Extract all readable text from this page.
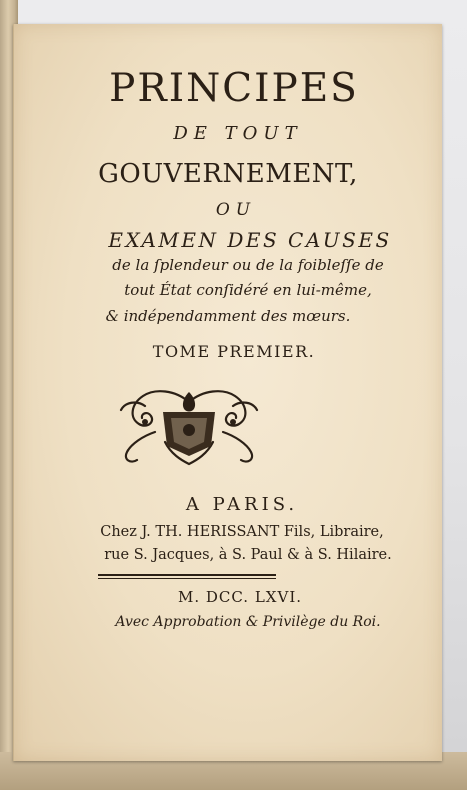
PRINCIPES
DE TOUT
GOUVERNEMENT,
OU
EXAMEN DES CAUSES
de la ſplendeur ou de la foibleſſe de
tout État conſidéré en lui-même,
& indépendamment des mœurs.
TOME PREMIER.
A PARIS.
Chez J. TH. HERISSANT Fils, Libraire,
rue S. Jacques, à S. Paul & à S. Hilaire.
M. DCC. LXVI.
Avec Approbation & Privilège du Roi.
